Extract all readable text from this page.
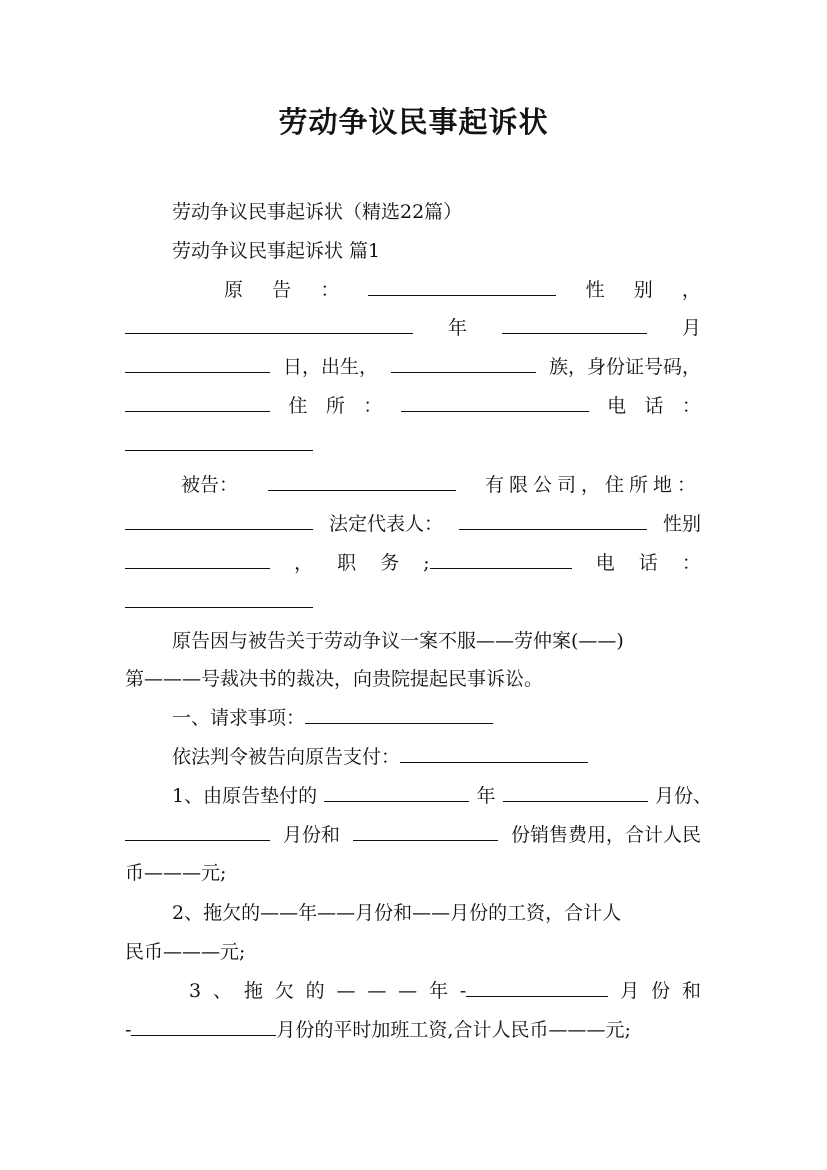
劳动争议民事起诉状
劳动争议民事起诉状（精选22篇）
劳动争议民事起诉状 篇1
原 告 ：	性 别 ，
年	月
日，出生，	族，身份证号码，
住 所 ：	电 话 ：
被告：	有限公司，住所地：
法定代表人：	性别
， 职 务 ;	电 话 ：
原告因与被告关于劳动争议一案不服——劳仲案(——)
第———号裁决书的裁决，向贵院提起民事诉讼。
一、请求事项：
依法判令被告向原告支付：
1、由原告垫付的	年	月份、
月份和	份销售费用，合计人民
币———元;
2、拖欠的——年——月份和——月份的工资，合计人
民币———元;
3 、 拖 欠 的 — — — 年 -	月 份 和
-	月份的平时加班工资,合计人民币———元;
